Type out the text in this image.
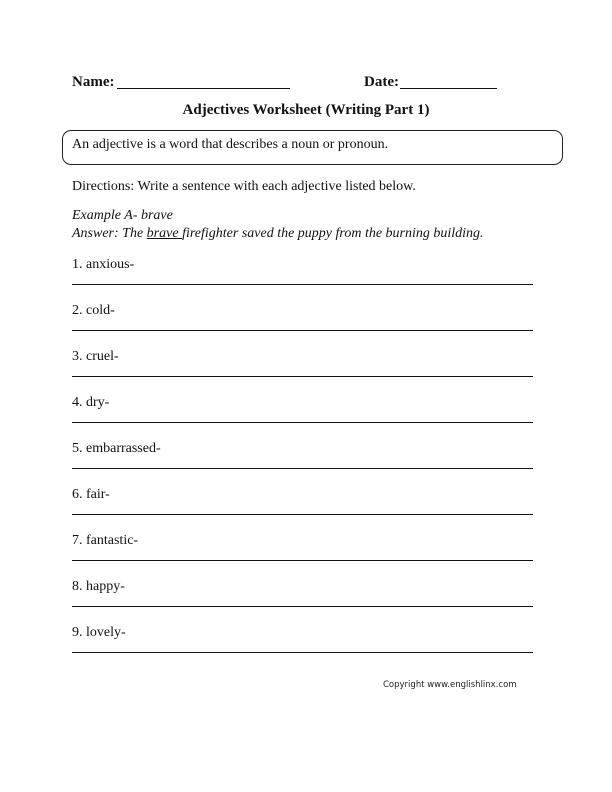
Name:	Date:
Adjectives Worksheet (Writing Part 1)
An adjective is a word that describes a noun or pronoun.
Directions: Write a sentence with each adjective listed below.
Example A- brave
Answer: The brave firefighter saved the puppy from the burning building.
1. anxious-
2. cold-
3. cruel-
4. dry-
5. embarrassed-
6. fair-
7. fantastic-
8. happy-
9. lovely-
Copyright www.englishlinx.com
